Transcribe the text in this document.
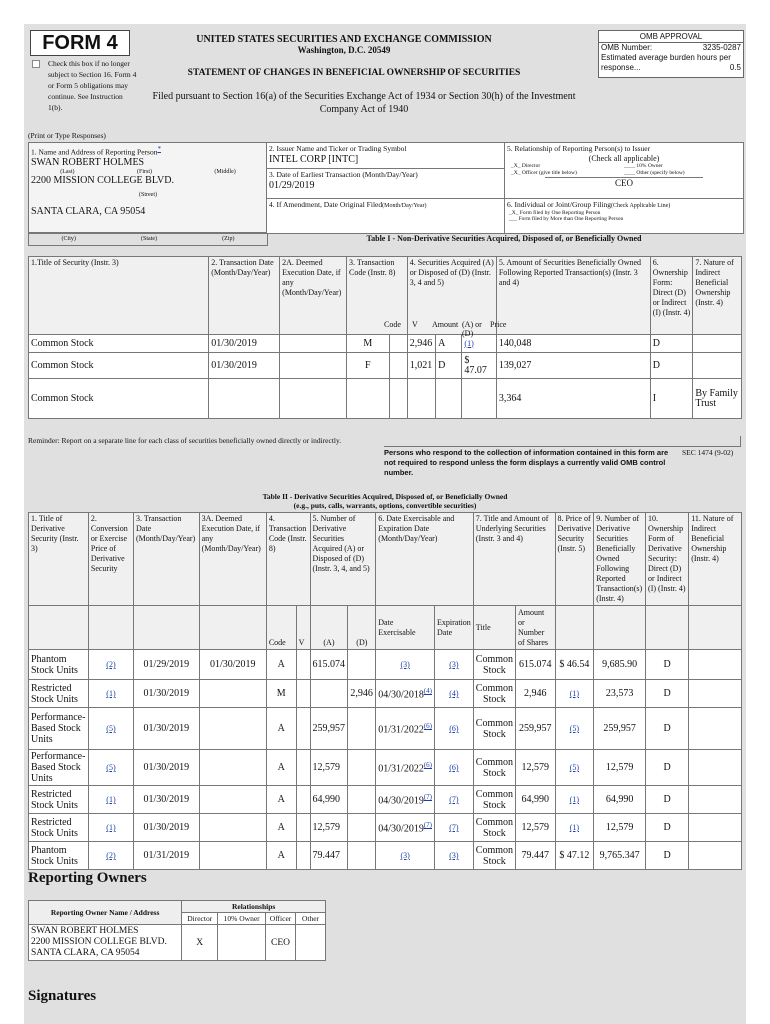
FORM 4
Check this box if no longer subject to Section 16. Form 4 or Form 5 obligations may continue. See Instruction 1(b).
UNITED STATES SECURITIES AND EXCHANGE COMMISSION
Washington, D.C. 20549
STATEMENT OF CHANGES IN BENEFICIAL OWNERSHIP OF SECURITIES
Filed pursuant to Section 16(a) of the Securities Exchange Act of 1934 or Section 30(h) of the Investment Company Act of 1940
OMB APPROVAL
OMB Number:	3235-0287
Estimated average burden hours per response...	0.5
(Print or Type Responses)
1. Name and Address of Reporting Person*
SWAN ROBERT HOLMES
(Last)	(First)	(Middle)
2200 MISSION COLLEGE BLVD.
(Street)
SANTA CLARA, CA 95054
(City)	(State)	(Zip)
2. Issuer Name and Ticker or Trading Symbol
INTEL CORP [INTC]
3. Date of Earliest Transaction (Month/Day/Year)
01/29/2019
4. If Amendment, Date Original Filed(Month/Day/Year)
5. Relationship of Reporting Person(s) to Issuer
(Check all applicable)
_X_ Director
_X_ Officer (give title below)
____ 10% Owner
____ Other (specify below)
CEO
6. Individual or Joint/Group Filing(Check Applicable Line)
_X_ Form filed by One Reporting Person
___ Form filed by More than One Reporting Person
Table I - Non-Derivative Securities Acquired, Disposed of, or Beneficially Owned
1.Title of Security (Instr. 3)	2. Transaction Date (Month/Day/Year)	2A. Deemed Execution Date, if any (Month/Day/Year)	3. Transaction Code (Instr. 8)		4. Securities Acquired (A) or Disposed of (D) (Instr. 3, 4 and 5)			5. Amount of Securities Beneficially Owned Following Reported Transaction(s) (Instr. 3 and 4)	6. Ownership Form: Direct (D) or Indirect (I) (Instr. 4)	7. Nature of Indirect Beneficial Ownership (Instr. 4)

Common Stock	01/30/2019		M		2,946	A	(1)	140,048	D	
Common Stock	01/30/2019		F		1,021	D	$ 47.07	139,027	D	
Common Stock								3,364	I	By Family Trust
Code	V	Amount (A) or (D)
Price
Reminder: Report on a separate line for each class of securities beneficially owned directly or indirectly.
Persons who respond to the collection of information contained in this form are not required to respond unless the form displays a currently valid OMB control number.
SEC 1474 (9-02)
Table II - Derivative Securities Acquired, Disposed of, or Beneficially Owned
(e.g., puts, calls, warrants, options, convertible securities)
1. Title of Derivative Security (Instr. 3)	2. Conversion or Exercise Price of Derivative Security	3. Transaction Date (Month/Day/Year)	3A. Deemed Execution Date, if any (Month/Day/Year)	4. Transaction Code (Instr. 8)		5. Number of Derivative Securities Acquired (A) or Disposed of (D) (Instr. 3, 4, and 5)		6. Date Exercisable and Expiration Date (Month/Day/Year)		7. Title and Amount of Underlying Securities (Instr. 3 and 4)		8. Price of Derivative Security (Instr. 5)	9. Number of Derivative Securities Beneficially Owned Following Reported Transaction(s) (Instr. 4)	10. Ownership Form of Derivative Security: Direct (D) or Indirect (I) (Instr. 4)	11. Nature of Indirect Beneficial Ownership (Instr. 4)
				Code	V	(A)	(D)	Date Exercisable	Expiration Date	Title	Amount or Number of Shares				
Phantom Stock Units	(2)	01/29/2019	01/30/2019	A		615.074		(3)	(3)	Common Stock	615.074	$ 46.54	9,685.90	D	
Restricted Stock Units	(1)	01/30/2019		M			2,946	04/30/2018$^{(4)}$	(4)	Common Stock	2,946	(1)	23,573	D	
Performance-Based Stock Units	(5)	01/30/2019		A		259,957		01/31/2022$^{(6)}$	(6)	Common Stock	259,957	(5)	259,957	D	
Performance-Based Stock Units	(5)	01/30/2019		A		12,579		01/31/2022$^{(6)}$	(6)	Common Stock	12,579	(5)	12,579	D	
Restricted Stock Units	(1)	01/30/2019		A		64,990		04/30/2019$^{(7)}$	(7)	Common Stock	64,990	(1)	64,990	D	
Restricted Stock Units	(1)	01/30/2019		A		12,579		04/30/2019$^{(7)}$	(7)	Common Stock	12,579	(1)	12,579	D	
Phantom Stock Units	(2)	01/31/2019		A		79.447		(3)	(3)	Common Stock	79.447	$ 47.12	9,765.347	D	
Reporting Owners
Reporting Owner Name / Address	Relationships			
	Director	10% Owner	Officer	Other

SWAN ROBERT HOLMES
2200 MISSION COLLEGE BLVD.
SANTA CLARA, CA 95054	X		CEO	
Signatures
